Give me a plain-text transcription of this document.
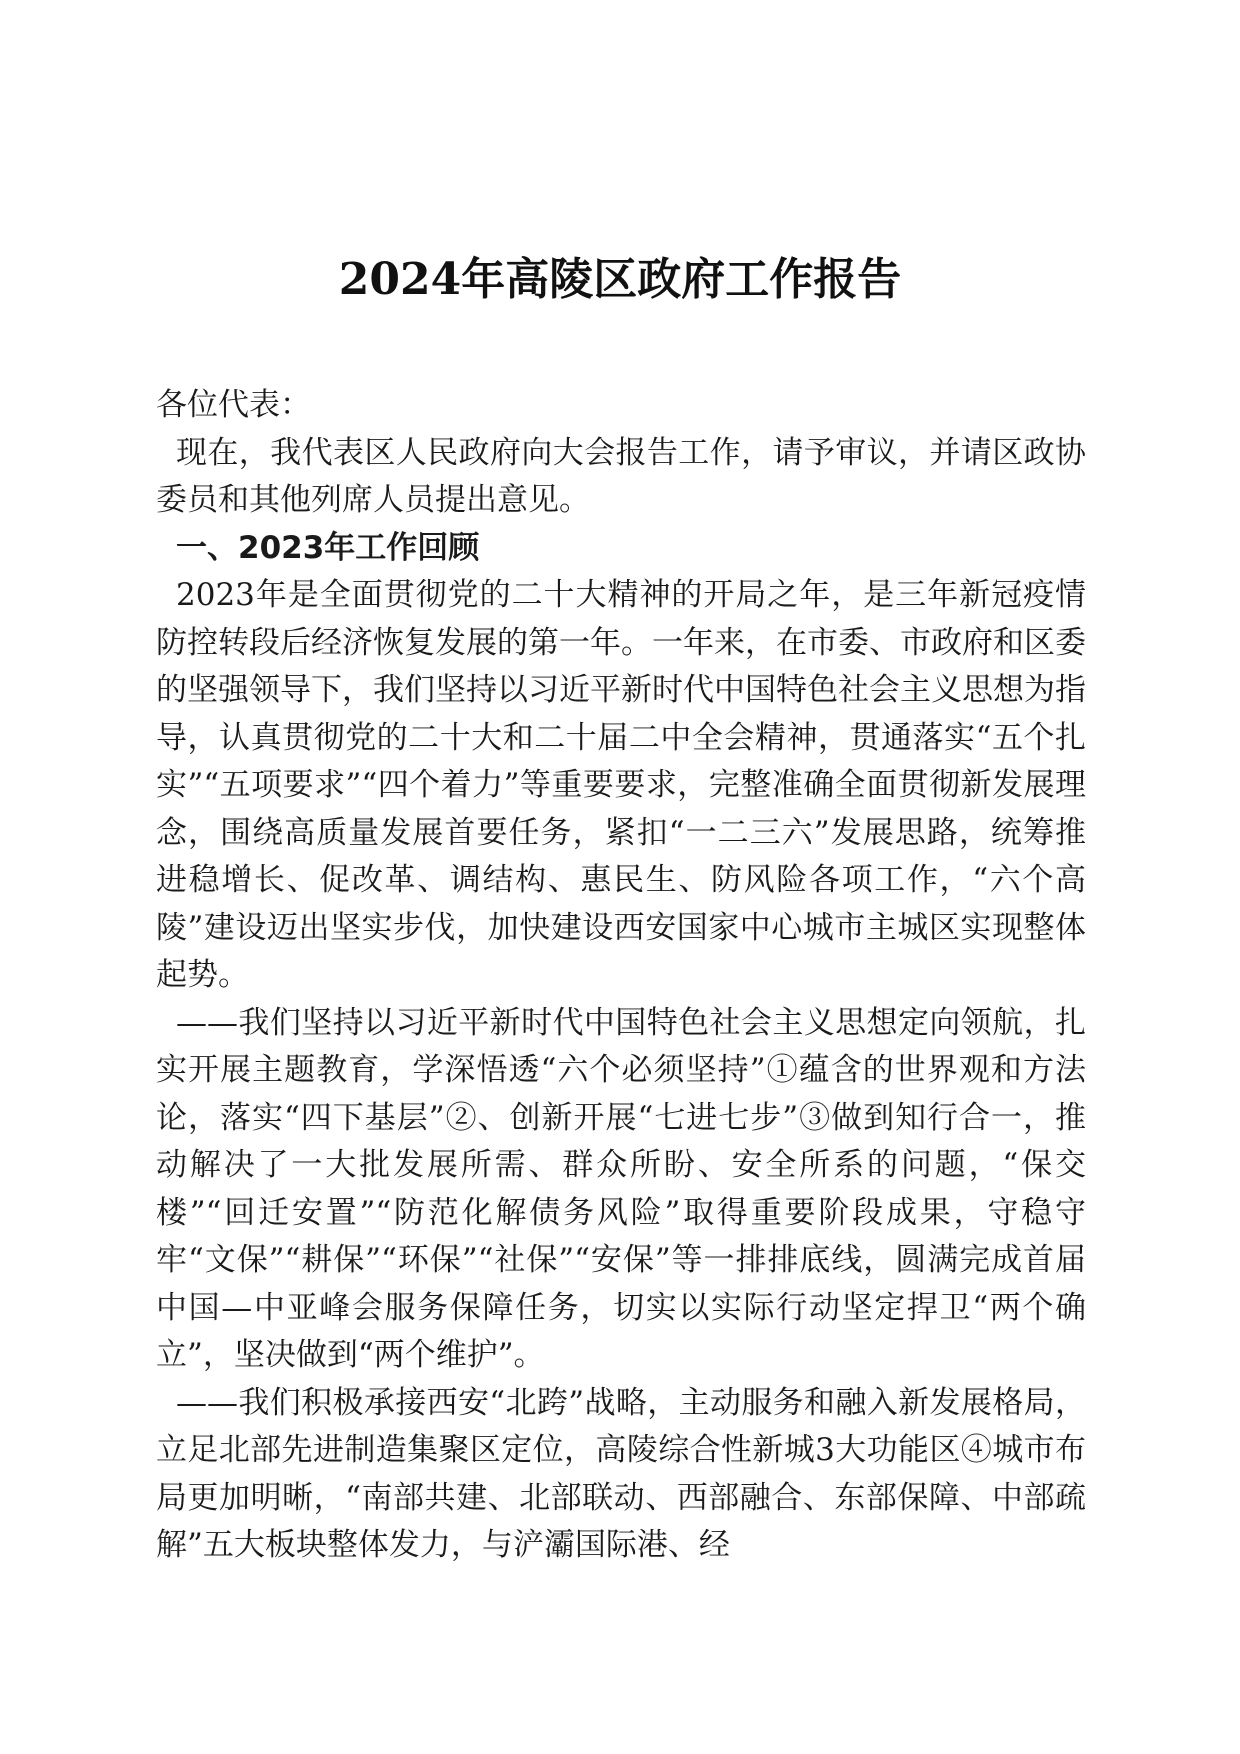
2024年高陵区政府工作报告

各位代表：

现在，我代表区人民政府向大会报告工作，请予审议，并请区政协委员和其他列席人员提出意见。

一、2023年工作回顾

2023年是全面贯彻党的二十大精神的开局之年，是三年新冠疫情防控转段后经济恢复发展的第一年。一年来，在市委、市政府和区委的坚强领导下，我们坚持以习近平新时代中国特色社会主义思想为指导，认真贯彻党的二十大和二十届二中全会精神，贯通落实“五个扎实”“五项要求”“四个着力”等重要要求，完整准确全面贯彻新发展理念，围绕高质量发展首要任务，紧扣“一二三六”发展思路，统筹推进稳增长、促改革、调结构、惠民生、防风险各项工作，“六个高陵”建设迈出坚实步伐，加快建设西安国家中心城市主城区实现整体起势。

——我们坚持以习近平新时代中国特色社会主义思想定向领航，扎实开展主题教育，学深悟透“六个必须坚持”①蕴含的世界观和方法论，落实“四下基层”②、创新开展“七进七步”③做到知行合一，推动解决了一大批发展所需、群众所盼、安全所系的问题，“保交楼”“回迁安置”“防范化解债务风险”取得重要阶段成果，守稳守牢“文保”“耕保”“环保”“社保”“安保”等一排排底线，圆满完成首届中国—中亚峰会服务保障任务，切实以实际行动坚定捍卫“两个确立”，坚决做到“两个维护”。

——我们积极承接西安“北跨”战略，主动服务和融入新发展格局，立足北部先进制造集聚区定位，高陵综合性新城3大功能区④城市布局更加明晰，“南部共建、北部联动、西部融合、东部保障、中部疏解”五大板块整体发力，与浐灞国际港、经
